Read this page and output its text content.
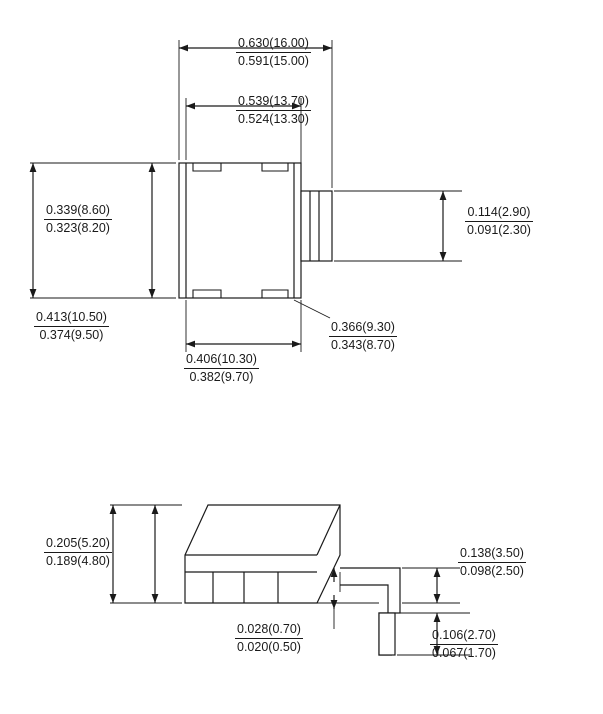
0.630(16.00)
0.591(15.00)
0.539(13.70)
0.524(13.30)
0.339(8.60)
0.323(8.20)
0.114(2.90)
0.091(2.30)
0.413(10.50)
0.374(9.50)
0.366(9.30)
0.343(8.70)
0.406(10.30)
0.382(9.70)
0.205(5.20)
0.189(4.80)
0.138(3.50)
0.098(2.50)
0.028(0.70)
0.020(0.50)
0.106(2.70)
0.067(1.70)
